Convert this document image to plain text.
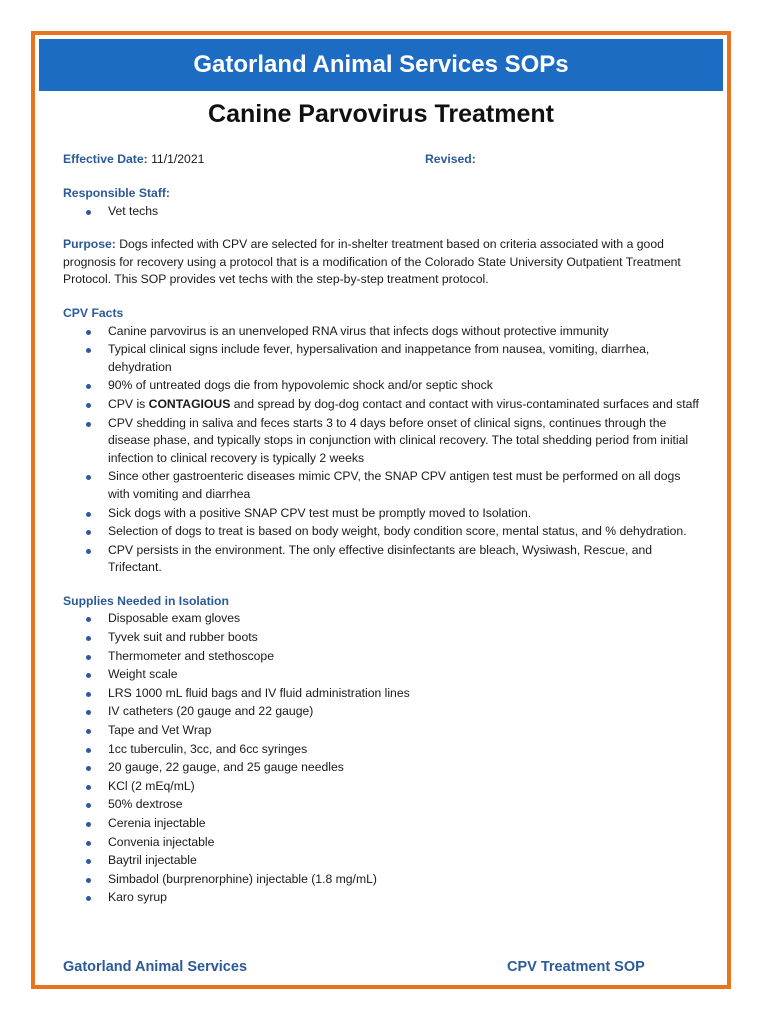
Gatorland Animal Services SOPs
Canine Parvovirus Treatment
Effective Date: 11/1/2021	Revised:
Responsible Staff:
Vet techs
Purpose: Dogs infected with CPV are selected for in-shelter treatment based on criteria associated with a good prognosis for recovery using a protocol that is a modification of the Colorado State University Outpatient Treatment Protocol. This SOP provides vet techs with the step-by-step treatment protocol.
CPV Facts
Canine parvovirus is an unenveloped RNA virus that infects dogs without protective immunity
Typical clinical signs include fever, hypersalivation and inappetance from nausea, vomiting, diarrhea, dehydration
90% of untreated dogs die from hypovolemic shock and/or septic shock
CPV is CONTAGIOUS and spread by dog-dog contact and contact with virus-contaminated surfaces and staff
CPV shedding in saliva and feces starts 3 to 4 days before onset of clinical signs, continues through the disease phase, and typically stops in conjunction with clinical recovery. The total shedding period from initial infection to clinical recovery is typically 2 weeks
Since other gastroenteric diseases mimic CPV, the SNAP CPV antigen test must be performed on all dogs with vomiting and diarrhea
Sick dogs with a positive SNAP CPV test must be promptly moved to Isolation.
Selection of dogs to treat is based on body weight, body condition score, mental status, and % dehydration.
CPV persists in the environment. The only effective disinfectants are bleach, Wysiwash, Rescue, and Trifectant.
Supplies Needed in Isolation
Disposable exam gloves
Tyvek suit and rubber boots
Thermometer and stethoscope
Weight scale
LRS 1000 mL fluid bags and IV fluid administration lines
IV catheters (20 gauge and 22 gauge)
Tape and Vet Wrap
1cc tuberculin, 3cc, and 6cc syringes
20 gauge, 22 gauge, and 25 gauge needles
KCl (2 mEq/mL)
50% dextrose
Cerenia injectable
Convenia injectable
Baytril injectable
Simbadol (burprenorphine) injectable (1.8 mg/mL)
Karo syrup
Gatorland Animal Services	CPV Treatment SOP
